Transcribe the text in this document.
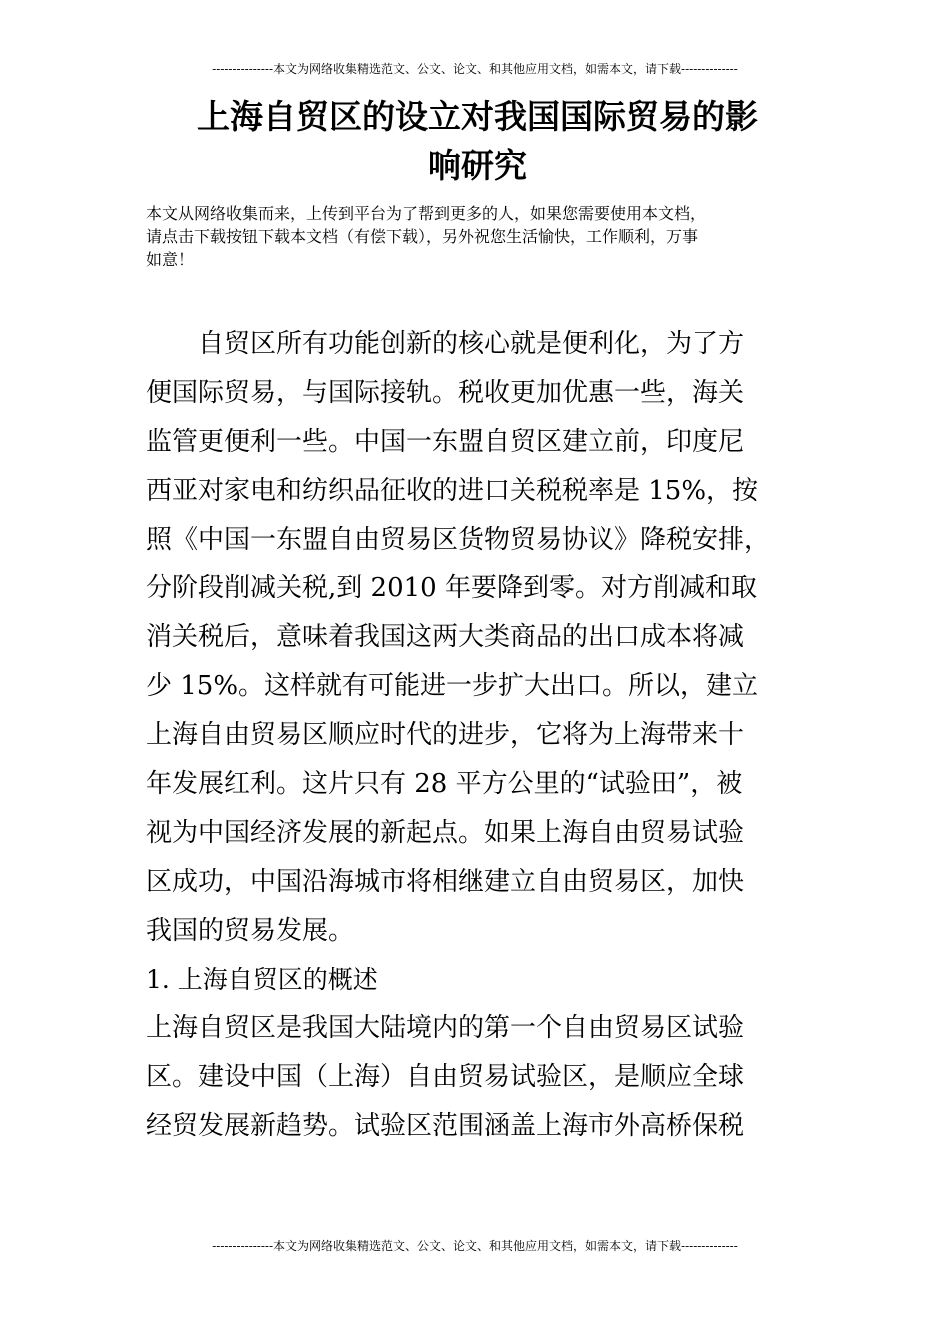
---------------本文为网络收集精选范文、公文、论文、和其他应用文档，如需本文，请下载--------------
上海自贸区的设立对我国国际贸易的影
响研究
本文从网络收集而来，上传到平台为了帮到更多的人，如果您需要使用本文档，
请点击下载按钮下载本文档（有偿下载），另外祝您生活愉快，工作顺利，万事
如意！
　　自贸区所有功能创新的核心就是便利化，为了方
便国际贸易，与国际接轨。税收更加优惠一些，海关
监管更便利一些。中国一东盟自贸区建立前，印度尼
西亚对家电和纺织品征收的进口关税税率是 15%，按
照《中国一东盟自由贸易区货物贸易协议》降税安排，
分阶段削减关税,到 2010 年要降到零。对方削减和取
消关税后，意味着我国这两大类商品的出口成本将减
少 15%。这样就有可能进一步扩大出口。所以，建立
上海自由贸易区顺应时代的进步，它将为上海带来十
年发展红利。这片只有 28 平方公里的“试验田”，被
视为中国经济发展的新起点。如果上海自由贸易试验
区成功，中国沿海城市将相继建立自由贸易区，加快
我国的贸易发展。
1. 上海自贸区的概述
上海自贸区是我国大陆境内的第一个自由贸易区试验
区。建设中国（上海）自由贸易试验区，是顺应全球
经贸发展新趋势。试验区范围涵盖上海市外高桥保税
---------------本文为网络收集精选范文、公文、论文、和其他应用文档，如需本文，请下载--------------
